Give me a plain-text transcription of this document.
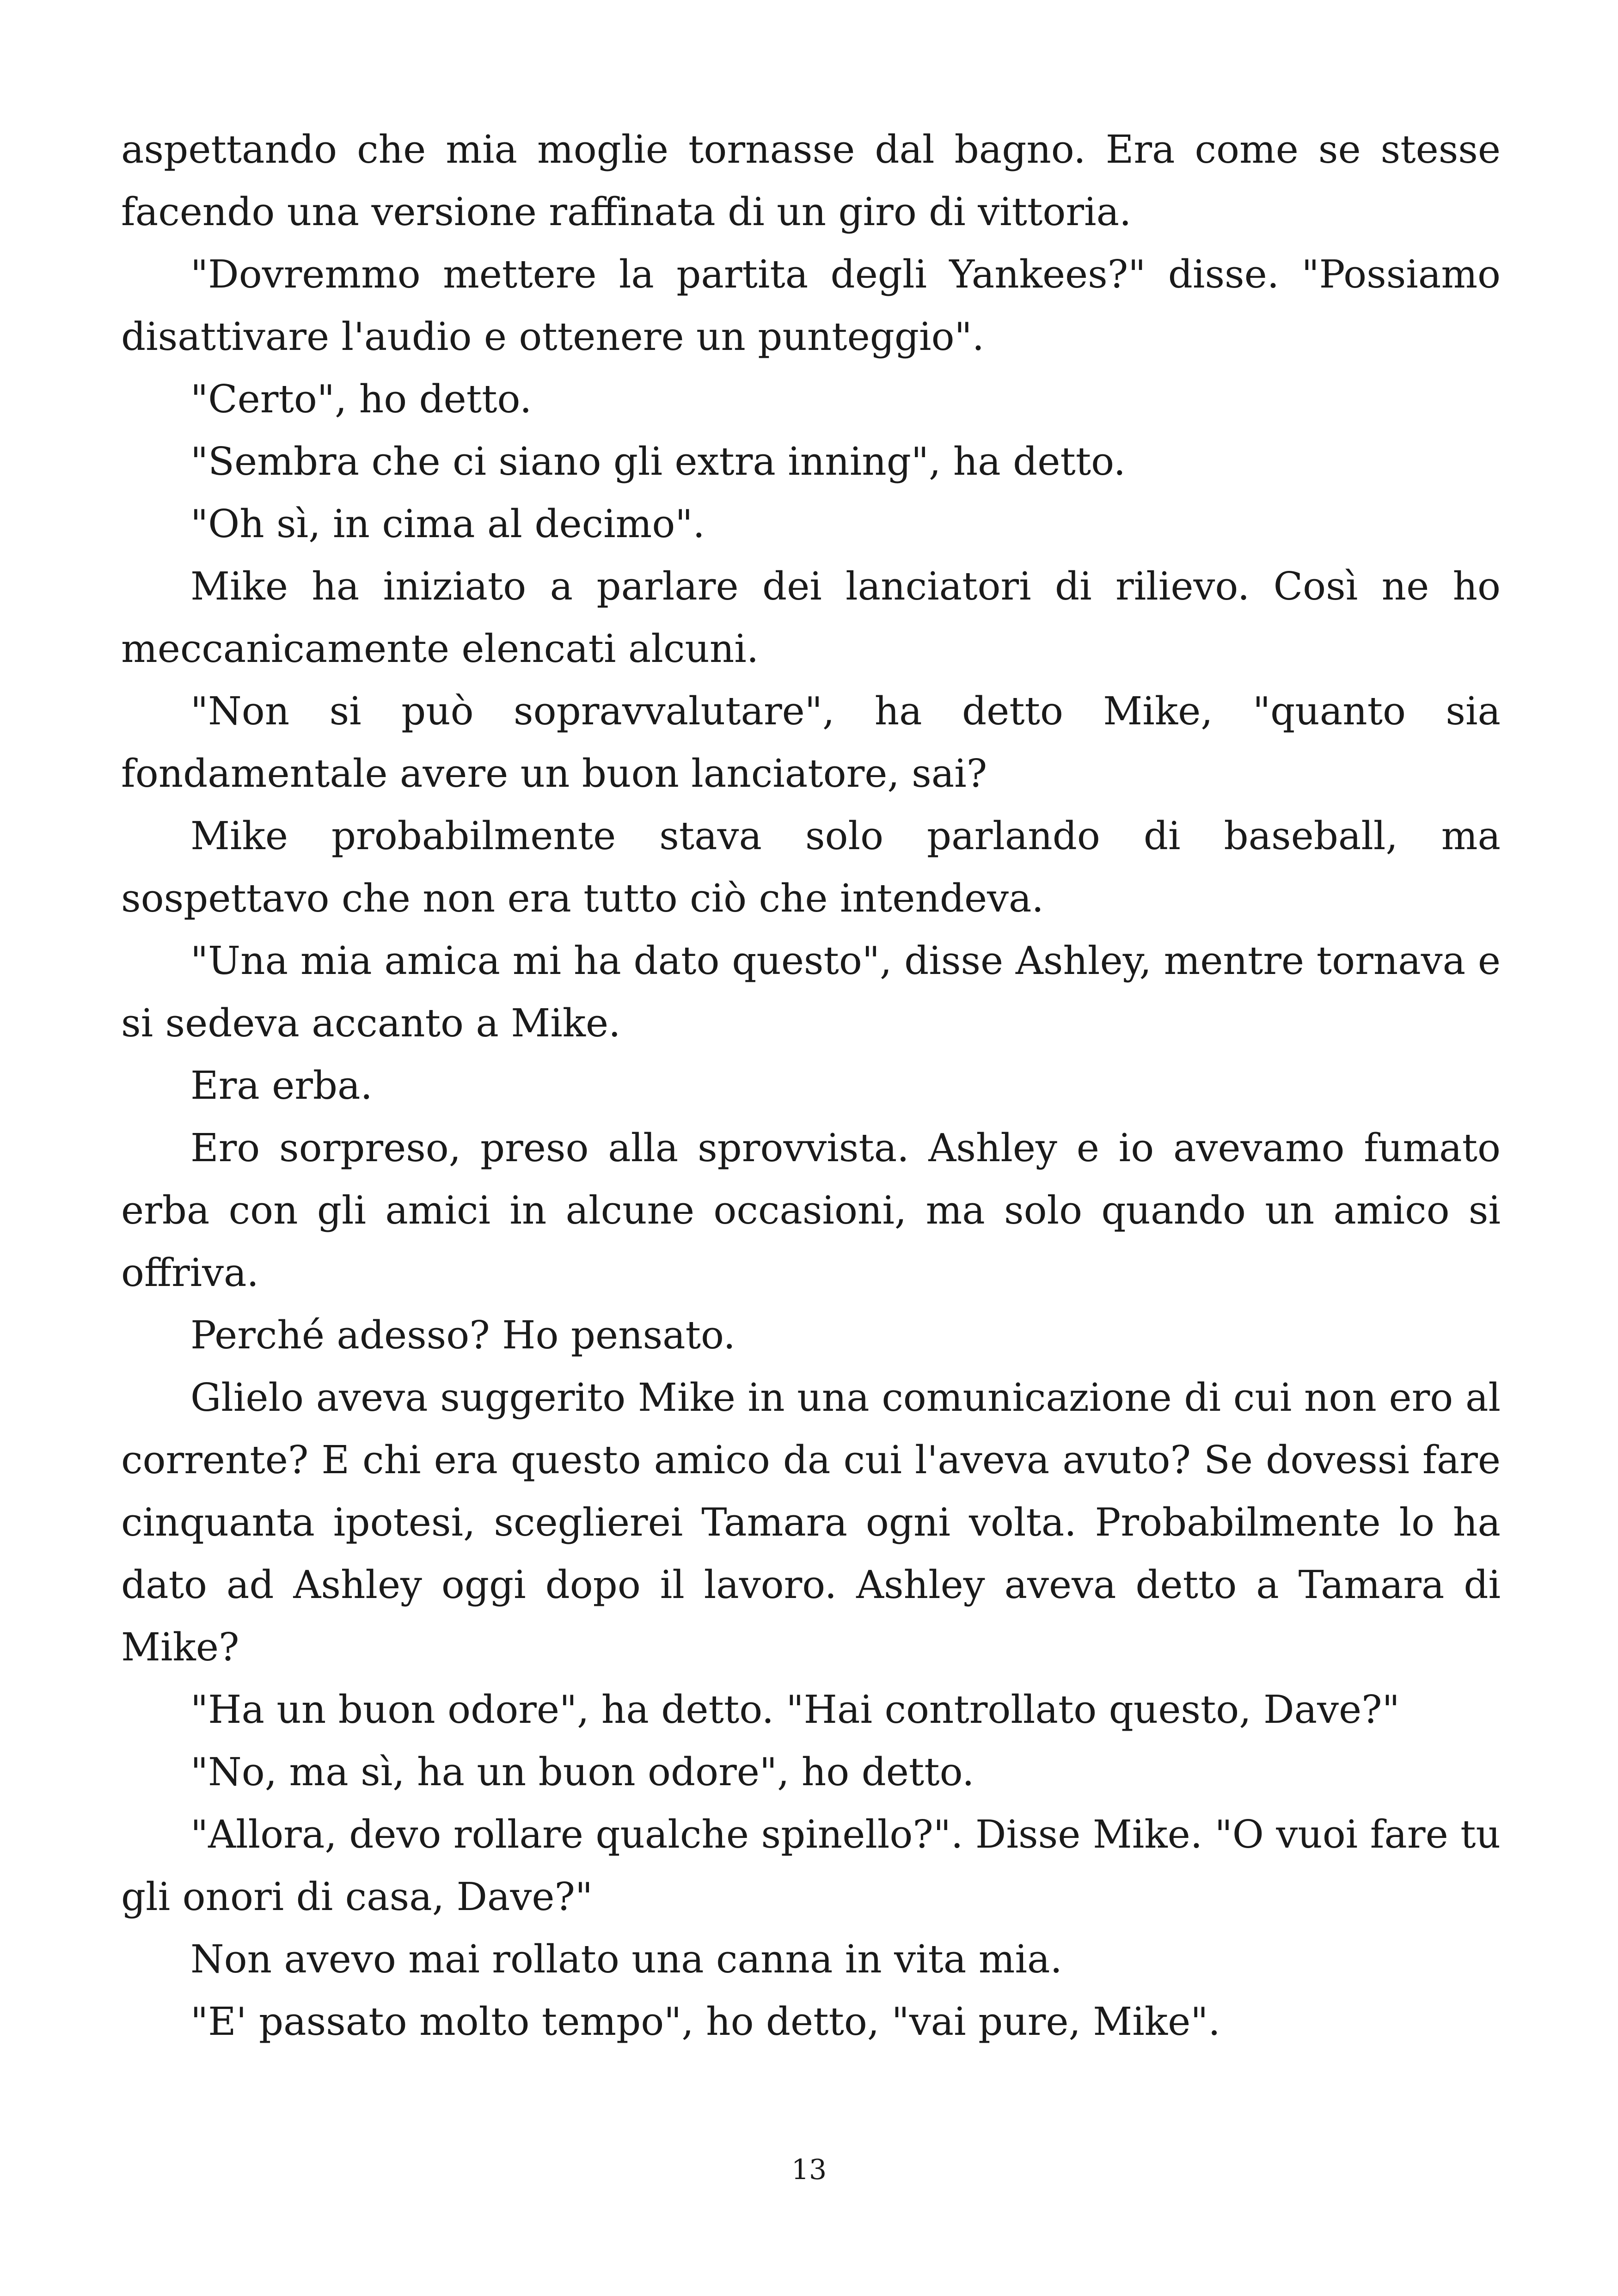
aspettando che mia moglie tornasse dal bagno. Era come se stesse facendo una versione raffinata di un giro di vittoria.

"Dovremmo mettere la partita degli Yankees?" disse. "Possiamo disattivare l'audio e ottenere un punteggio".

"Certo", ho detto.

"Sembra che ci siano gli extra inning", ha detto.

"Oh sì, in cima al decimo".

Mike ha iniziato a parlare dei lanciatori di rilievo. Così ne ho meccanicamente elencati alcuni.

"Non si può sopravvalutare", ha detto Mike, "quanto sia fondamentale avere un buon lanciatore, sai?

Mike probabilmente stava solo parlando di baseball, ma sospettavo che non era tutto ciò che intendeva.

"Una mia amica mi ha dato questo", disse Ashley, mentre tornava e si sedeva accanto a Mike.

Era erba.

Ero sorpreso, preso alla sprovvista. Ashley e io avevamo fumato erba con gli amici in alcune occasioni, ma solo quando un amico si offriva.

Perché adesso? Ho pensato.

Glielo aveva suggerito Mike in una comunicazione di cui non ero al corrente? E chi era questo amico da cui l'aveva avuto? Se dovessi fare cinquanta ipotesi, sceglierei Tamara ogni volta. Probabilmente lo ha dato ad Ashley oggi dopo il lavoro. Ashley aveva detto a Tamara di Mike?

"Ha un buon odore", ha detto. "Hai controllato questo, Dave?"

"No, ma sì, ha un buon odore", ho detto.

"Allora, devo rollare qualche spinello?". Disse Mike. "O vuoi fare tu gli onori di casa, Dave?"

Non avevo mai rollato una canna in vita mia.

"E' passato molto tempo", ho detto, "vai pure, Mike".

13
